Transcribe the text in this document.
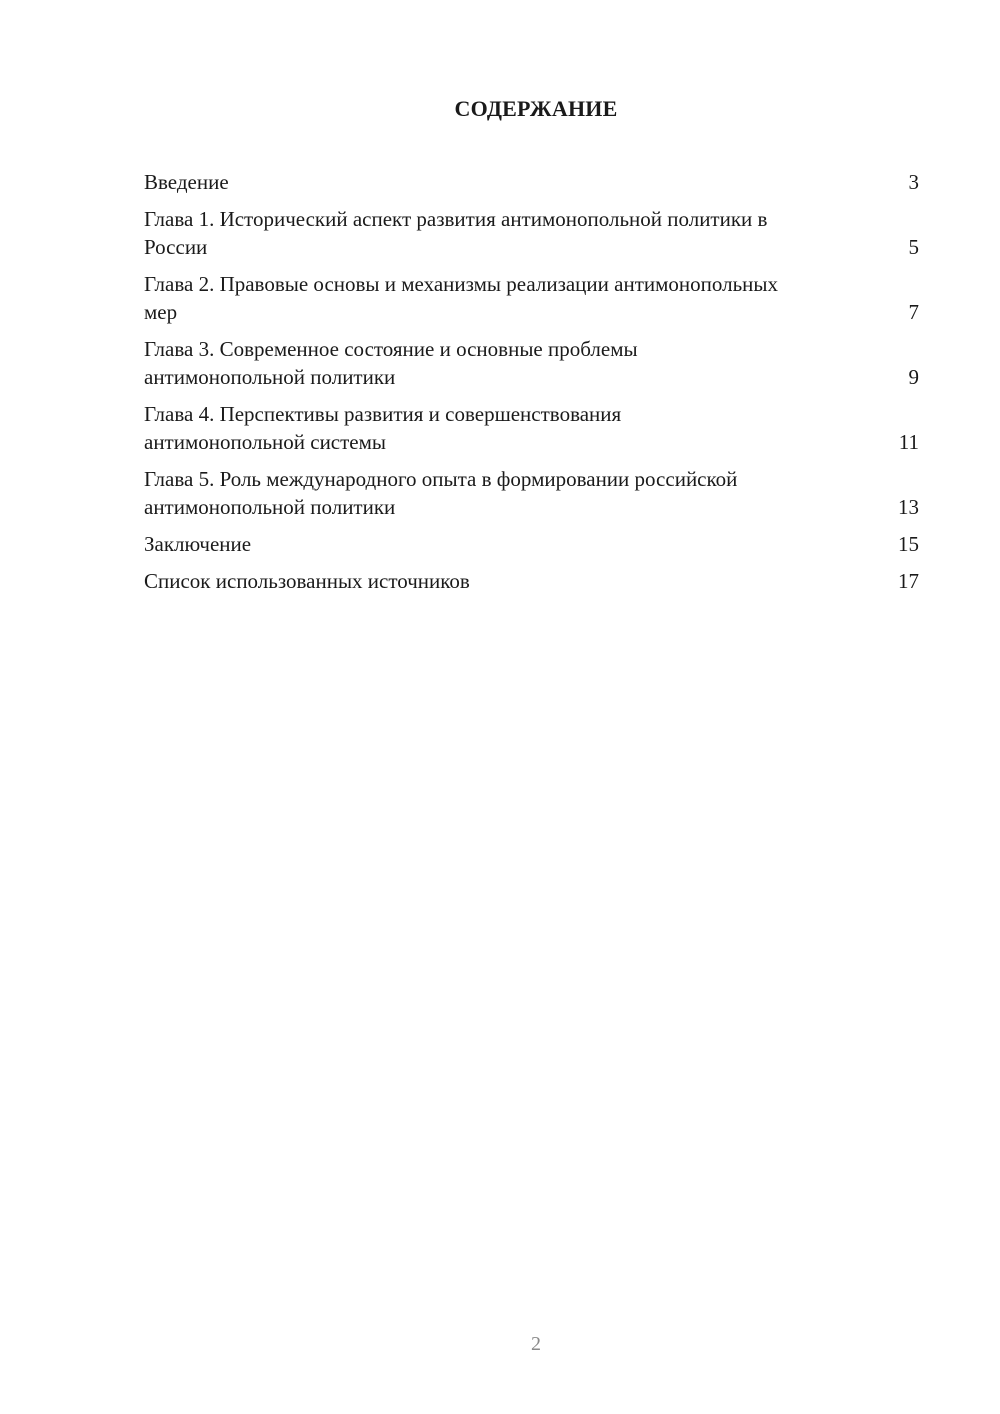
СОДЕРЖАНИЕ
Введение	3
Глава 1. Исторический аспект развития антимонопольной политики в России	5
Глава 2. Правовые основы и механизмы реализации антимонопольных мер	7
Глава 3. Современное состояние и основные проблемы антимонопольной политики	9
Глава 4. Перспективы развития и совершенствования антимонопольной системы	11
Глава 5. Роль международного опыта в формировании российской антимонопольной политики	13
Заключение	15
Список использованных источников	17
2
